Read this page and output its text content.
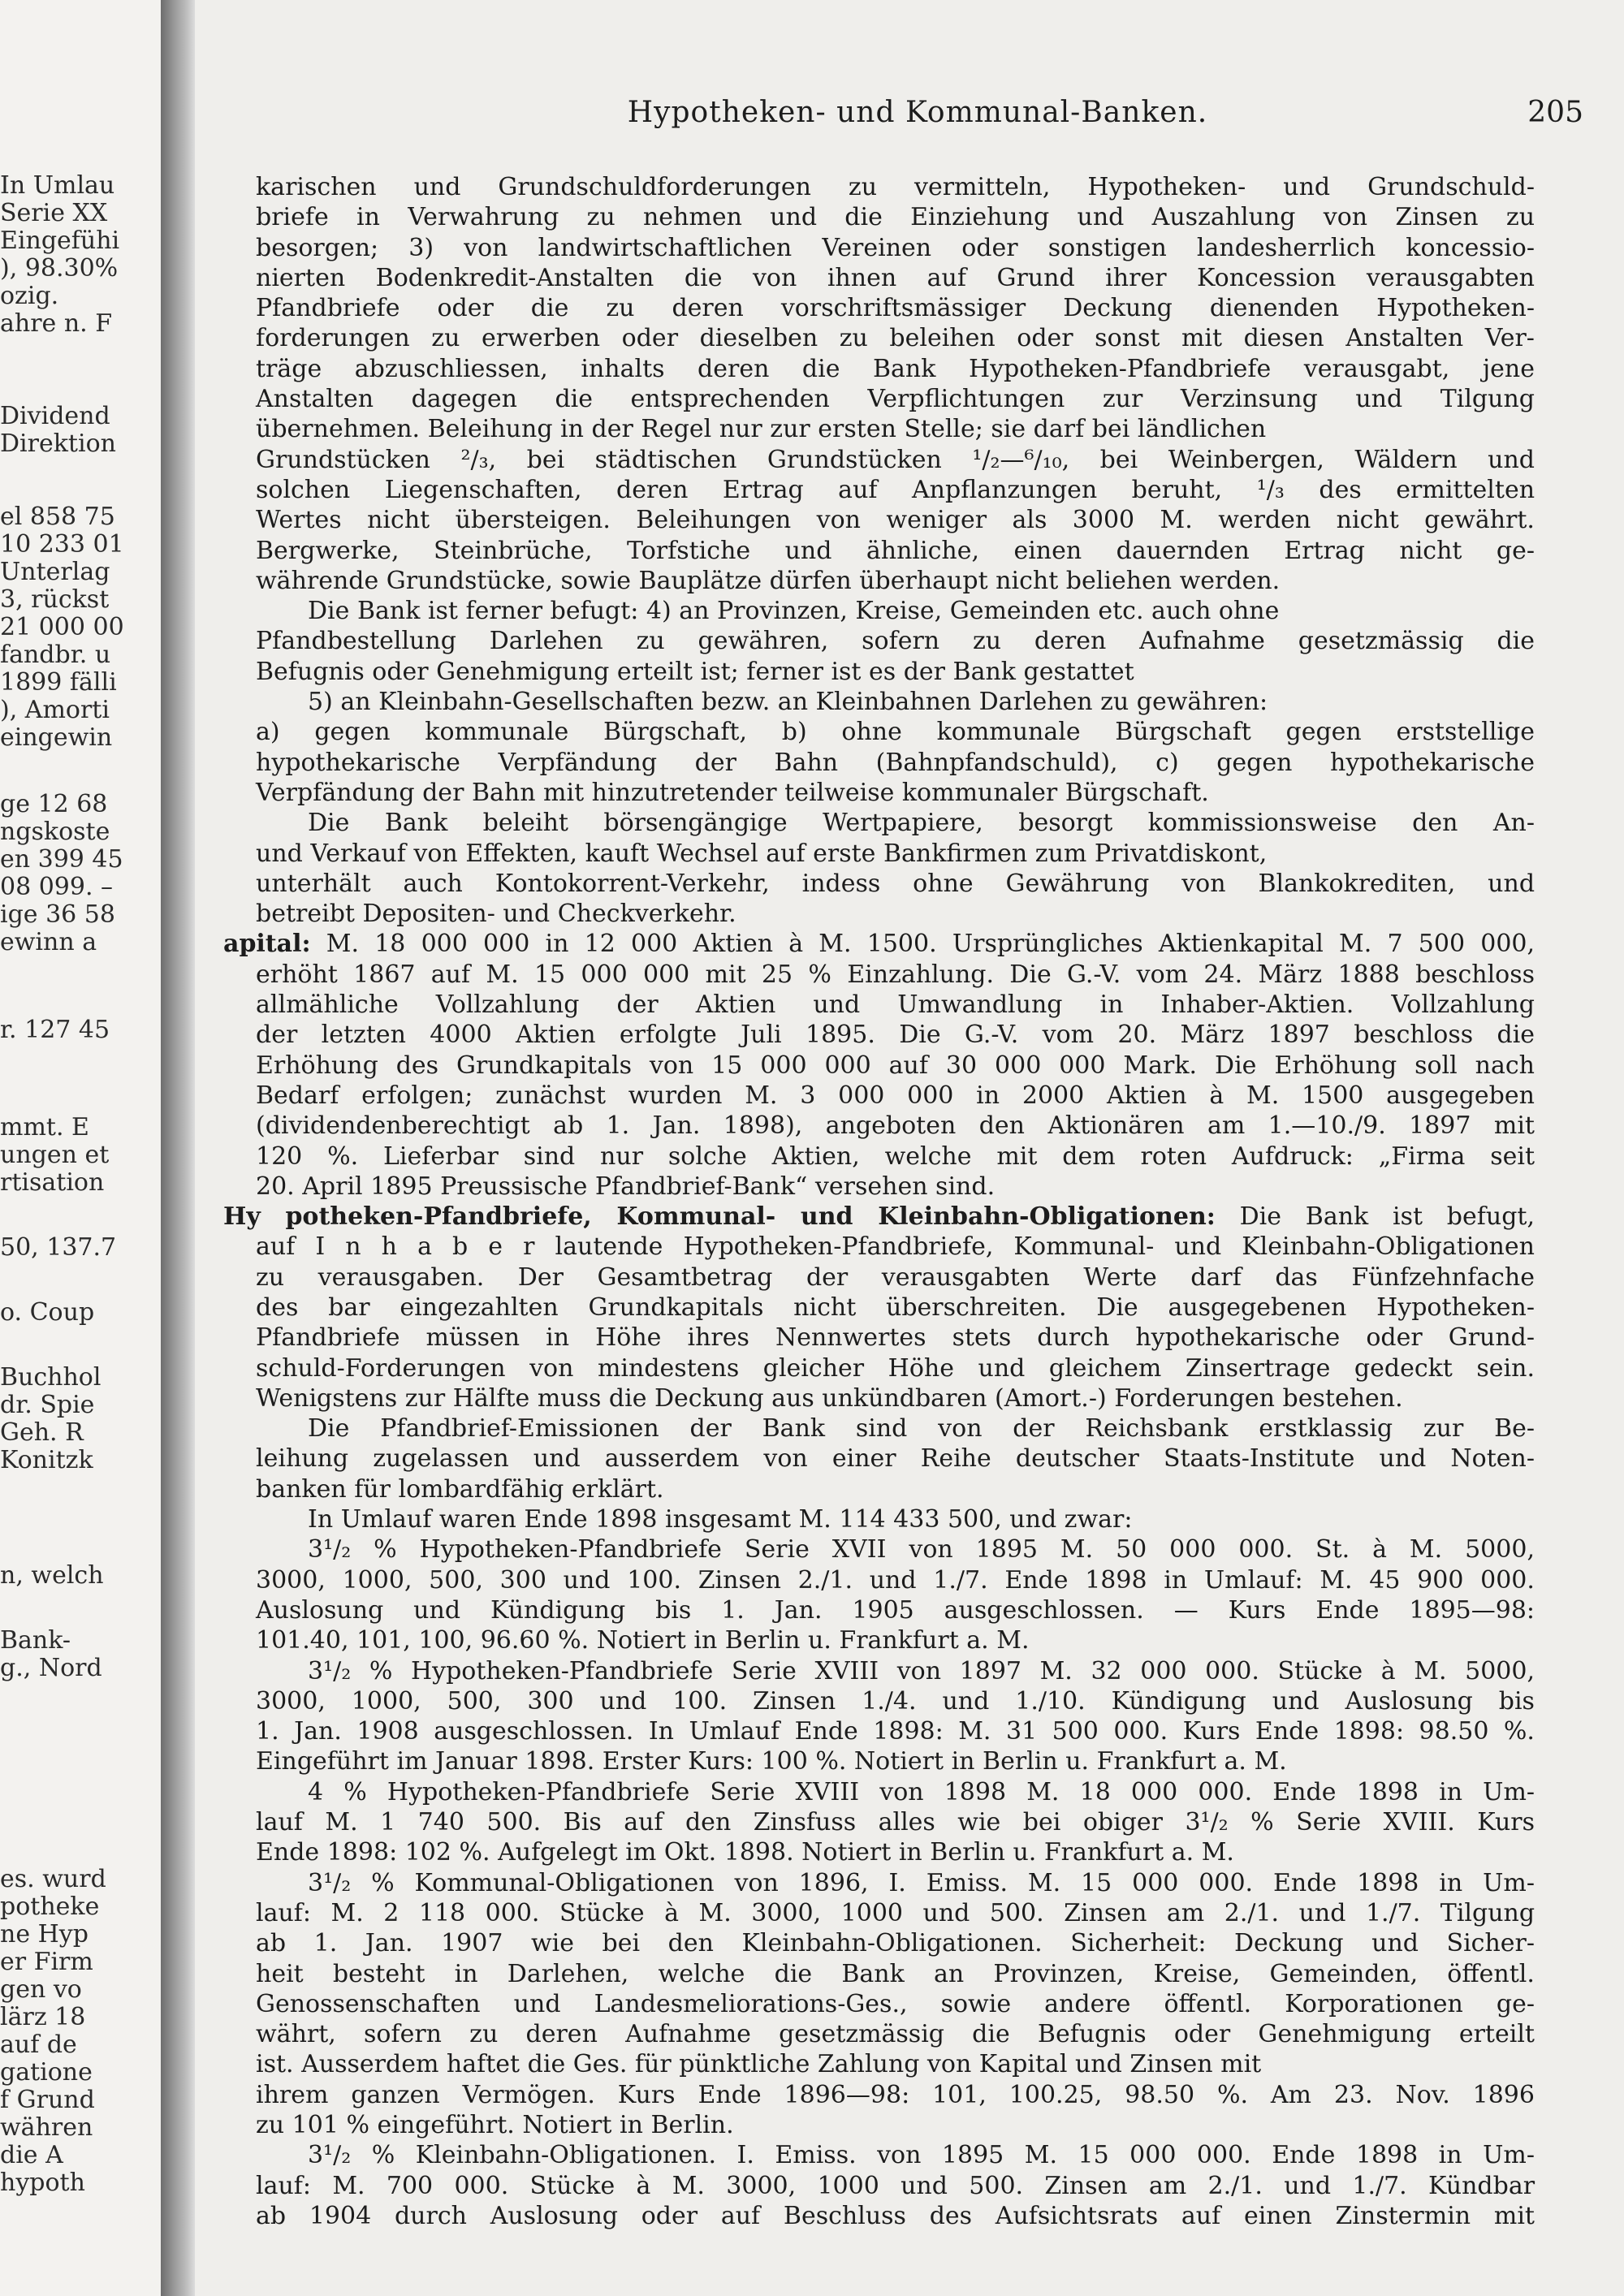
In Umlau
Serie XX
Eingefühi
), 98.30%
ozig.
ahre n. F
Dividend
Direktion
el 858 75
10 233 01
Unterlag
3, rückst
21 000 00
fandbr. u
1899 fälli
), Amorti
eingewin
ge 12 68
ngskoste
en 399 45
08 099. –
ige 36 58
ewinn a
r. 127 45
mmt. E
ungen et
rtisation
50, 137.7
o. Coup
Buchhol
dr. Spie
Geh. R
Konitzk
n, welch
Bank-
g., Nord
es. wurd
potheke
ne Hyp
er Firm
gen vo
lärz 18
auf de
gatione
f Grund
währen
die A
hypoth
Hypotheken- und Kommunal-Banken.	205
karischen und Grundschuldforderungen zu vermitteln, Hypotheken- und Grundschuld-
briefe in Verwahrung zu nehmen und die Einziehung und Auszahlung von Zinsen zu
besorgen; 3) von landwirtschaftlichen Vereinen oder sonstigen landesherrlich koncessio-
nierten Bodenkredit-Anstalten die von ihnen auf Grund ihrer Koncession verausgabten
Pfandbriefe oder die zu deren vorschriftsmässiger Deckung dienenden Hypotheken-
forderungen zu erwerben oder dieselben zu beleihen oder sonst mit diesen Anstalten Ver-
träge abzuschliessen, inhalts deren die Bank Hypotheken-Pfandbriefe verausgabt, jene
Anstalten dagegen die entsprechenden Verpflichtungen zur Verzinsung und Tilgung
übernehmen. Beleihung in der Regel nur zur ersten Stelle; sie darf bei ländlichen
Grundstücken ²/₃, bei städtischen Grundstücken ¹/₂—⁶/₁₀, bei Weinbergen, Wäldern und
solchen Liegenschaften, deren Ertrag auf Anpflanzungen beruht, ¹/₃ des ermittelten
Wertes nicht übersteigen. Beleihungen von weniger als 3000 M. werden nicht gewährt.
Bergwerke, Steinbrüche, Torfstiche und ähnliche, einen dauernden Ertrag nicht ge-
währende Grundstücke, sowie Bauplätze dürfen überhaupt nicht beliehen werden.
Die Bank ist ferner befugt: 4) an Provinzen, Kreise, Gemeinden etc. auch ohne
Pfandbestellung Darlehen zu gewähren, sofern zu deren Aufnahme gesetzmässig die
Befugnis oder Genehmigung erteilt ist; ferner ist es der Bank gestattet
5) an Kleinbahn-Gesellschaften bezw. an Kleinbahnen Darlehen zu gewähren:
a) gegen kommunale Bürgschaft, b) ohne kommunale Bürgschaft gegen erststellige
hypothekarische Verpfändung der Bahn (Bahnpfandschuld), c) gegen hypothekarische
Verpfändung der Bahn mit hinzutretender teilweise kommunaler Bürgschaft.
Die Bank beleiht börsengängige Wertpapiere, besorgt kommissionsweise den An-
und Verkauf von Effekten, kauft Wechsel auf erste Bankfirmen zum Privatdiskont,
unterhält auch Kontokorrent-Verkehr, indess ohne Gewährung von Blankokrediten, und
betreibt Depositen- und Checkverkehr.
apital: M. 18 000 000 in 12 000 Aktien à M. 1500. Ursprüngliches Aktienkapital M. 7 500 000,
erhöht 1867 auf M. 15 000 000 mit 25 % Einzahlung. Die G.-V. vom 24. März 1888 beschloss
allmähliche Vollzahlung der Aktien und Umwandlung in Inhaber-Aktien. Vollzahlung
der letzten 4000 Aktien erfolgte Juli 1895. Die G.-V. vom 20. März 1897 beschloss die
Erhöhung des Grundkapitals von 15 000 000 auf 30 000 000 Mark. Die Erhöhung soll nach
Bedarf erfolgen; zunächst wurden M. 3 000 000 in 2000 Aktien à M. 1500 ausgegeben
(dividendenberechtigt ab 1. Jan. 1898), angeboten den Aktionären am 1.—10./9. 1897 mit
120 %. Lieferbar sind nur solche Aktien, welche mit dem roten Aufdruck: „Firma seit
20. April 1895 Preussische Pfandbrief-Bank“ versehen sind.
Hy potheken-Pfandbriefe, Kommunal- und Kleinbahn-Obligationen: Die Bank ist befugt,
auf I n h a b e r lautende Hypotheken-Pfandbriefe, Kommunal- und Kleinbahn-Obligationen
zu verausgaben. Der Gesamtbetrag der verausgabten Werte darf das Fünfzehnfache
des bar eingezahlten Grundkapitals nicht überschreiten. Die ausgegebenen Hypotheken-
Pfandbriefe müssen in Höhe ihres Nennwertes stets durch hypothekarische oder Grund-
schuld-Forderungen von mindestens gleicher Höhe und gleichem Zinsertrage gedeckt sein.
Wenigstens zur Hälfte muss die Deckung aus unkündbaren (Amort.-) Forderungen bestehen.
Die Pfandbrief-Emissionen der Bank sind von der Reichsbank erstklassig zur Be-
leihung zugelassen und ausserdem von einer Reihe deutscher Staats-Institute und Noten-
banken für lombardfähig erklärt.
In Umlauf waren Ende 1898 insgesamt M. 114 433 500, und zwar:
3¹/₂ % Hypotheken-Pfandbriefe Serie XVII von 1895 M. 50 000 000. St. à M. 5000,
3000, 1000, 500, 300 und 100. Zinsen 2./1. und 1./7. Ende 1898 in Umlauf: M. 45 900 000.
Auslosung und Kündigung bis 1. Jan. 1905 ausgeschlossen. — Kurs Ende 1895—98:
101.40, 101, 100, 96.60 %. Notiert in Berlin u. Frankfurt a. M.
3¹/₂ % Hypotheken-Pfandbriefe Serie XVIII von 1897 M. 32 000 000. Stücke à M. 5000,
3000, 1000, 500, 300 und 100. Zinsen 1./4. und 1./10. Kündigung und Auslosung bis
1. Jan. 1908 ausgeschlossen. In Umlauf Ende 1898: M. 31 500 000. Kurs Ende 1898: 98.50 %.
Eingeführt im Januar 1898. Erster Kurs: 100 %. Notiert in Berlin u. Frankfurt a. M.
4 % Hypotheken-Pfandbriefe Serie XVIII von 1898 M. 18 000 000. Ende 1898 in Um-
lauf M. 1 740 500. Bis auf den Zinsfuss alles wie bei obiger 3¹/₂ % Serie XVIII. Kurs
Ende 1898: 102 %. Aufgelegt im Okt. 1898. Notiert in Berlin u. Frankfurt a. M.
3¹/₂ % Kommunal-Obligationen von 1896, I. Emiss. M. 15 000 000. Ende 1898 in Um-
lauf: M. 2 118 000. Stücke à M. 3000, 1000 und 500. Zinsen am 2./1. und 1./7. Tilgung
ab 1. Jan. 1907 wie bei den Kleinbahn-Obligationen. Sicherheit: Deckung und Sicher-
heit besteht in Darlehen, welche die Bank an Provinzen, Kreise, Gemeinden, öffentl.
Genossenschaften und Landesmeliorations-Ges., sowie andere öffentl. Korporationen ge-
währt, sofern zu deren Aufnahme gesetzmässig die Befugnis oder Genehmigung erteilt
ist. Ausserdem haftet die Ges. für pünktliche Zahlung von Kapital und Zinsen mit
ihrem ganzen Vermögen. Kurs Ende 1896—98: 101, 100.25, 98.50 %. Am 23. Nov. 1896
zu 101 % eingeführt. Notiert in Berlin.
3¹/₂ % Kleinbahn-Obligationen. I. Emiss. von 1895 M. 15 000 000. Ende 1898 in Um-
lauf: M. 700 000. Stücke à M. 3000, 1000 und 500. Zinsen am 2./1. und 1./7. Kündbar
ab 1904 durch Auslosung oder auf Beschluss des Aufsichtsrats auf einen Zinstermin mit
